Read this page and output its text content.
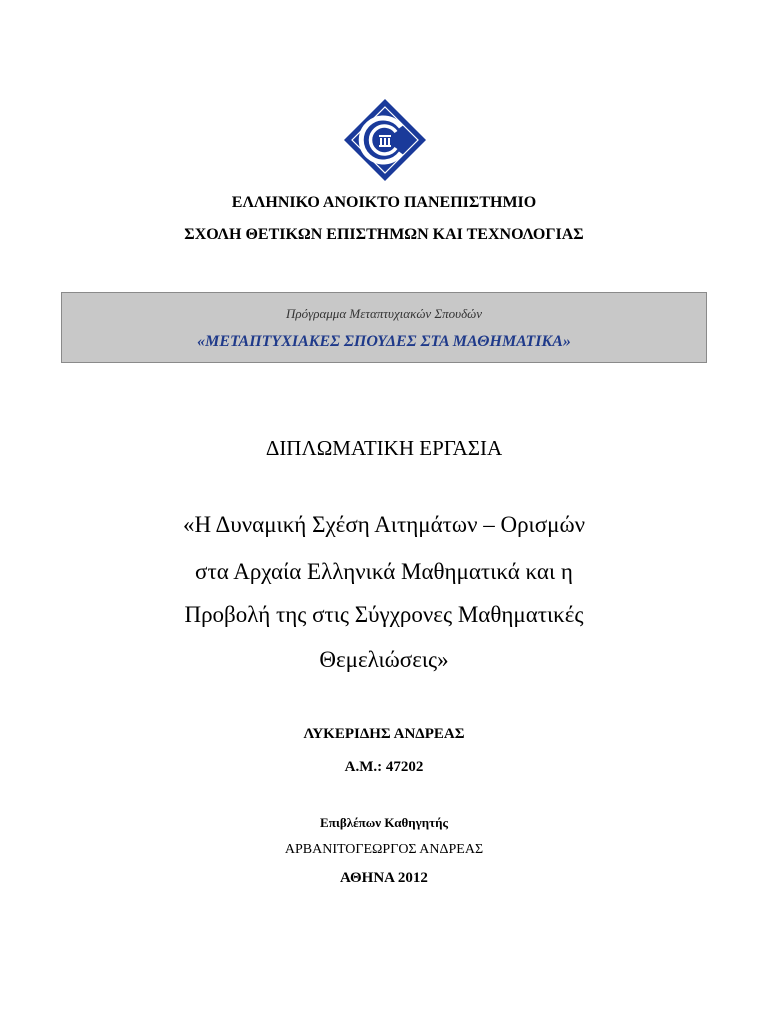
ΕΛΛΗΝΙΚΟ ΑΝΟΙΚΤΟ ΠΑΝΕΠΙΣΤΗΜΙΟ
ΣΧΟΛΗ ΘΕΤΙΚΩΝ ΕΠΙΣΤΗΜΩΝ ΚΑΙ ΤΕΧΝΟΛΟΓΙΑΣ
Πρόγραμμα Μεταπτυχιακών Σπουδών
«ΜΕΤΑΠΤΥΧΙΑΚΕΣ ΣΠΟΥΔΕΣ ΣΤΑ ΜΑΘΗΜΑΤΙΚΑ»
ΔΙΠΛΩΜΑΤΙΚΗ ΕΡΓΑΣΙΑ
«Η Δυναμική Σχέση Αιτημάτων – Ορισμών
στα Αρχαία Ελληνικά Μαθηματικά και η
Προβολή της στις Σύγχρονες Μαθηματικές
Θεμελιώσεις»
ΛΥΚΕΡΙΔΗΣ ΑΝΔΡΕΑΣ
Α.Μ.: 47202
Επιβλέπων Καθηγητής
ΑΡΒΑΝΙΤΟΓΕΩΡΓΟΣ ΑΝΔΡΕΑΣ
ΑΘΗΝΑ 2012
